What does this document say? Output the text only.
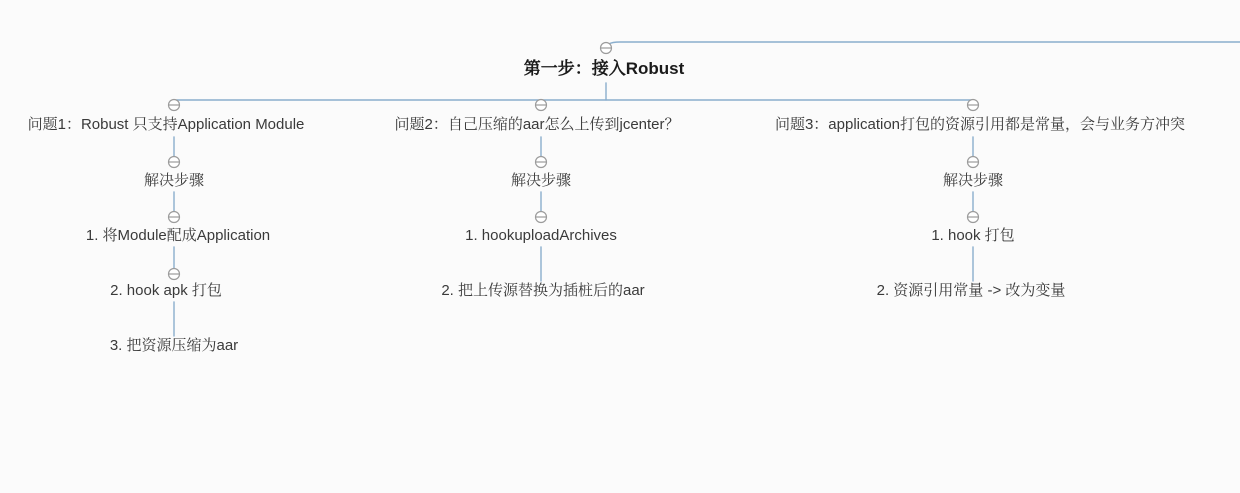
第一步：接入Robust
问题1：Robust 只支持Application Module
解决步骤
1. 将Module配成Application
2. hook apk 打包
3. 把资源压缩为aar
问题2：自己压缩的aar怎么上传到jcenter？
解决步骤
1. hookuploadArchives
2. 把上传源替换为插桩后的aar
问题3：application打包的资源引用都是常量，会与业务方冲突
解决步骤
1. hook 打包
2. 资源引用常量 -> 改为变量
